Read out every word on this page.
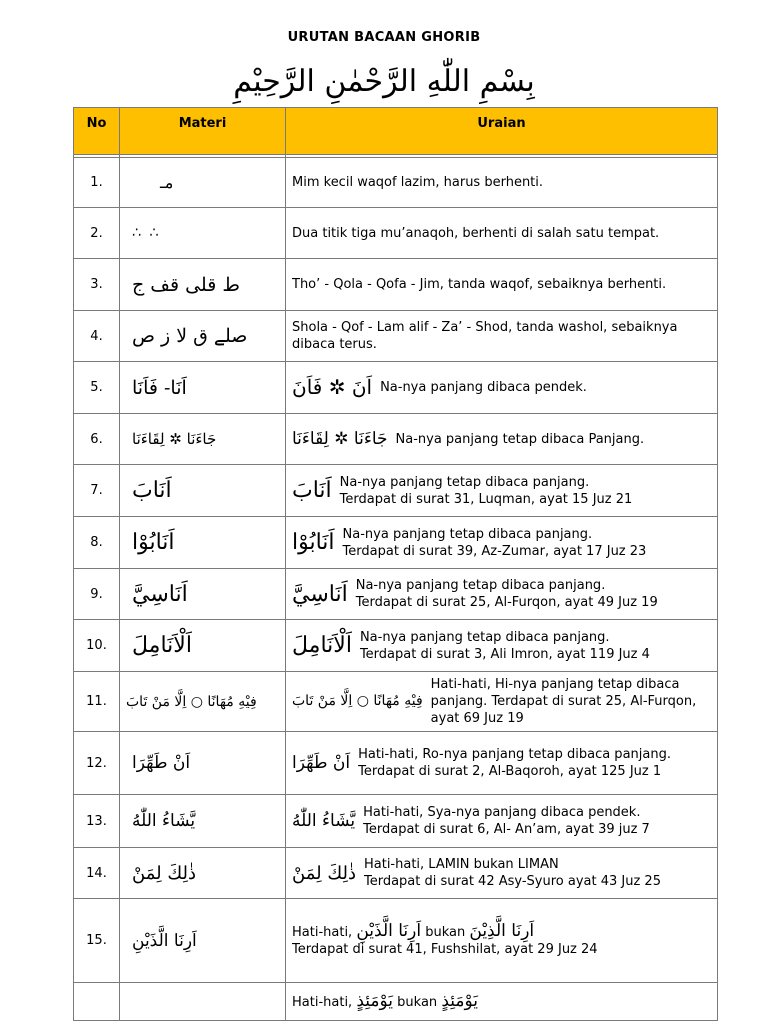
URUTAN BACAAN GHORIB
بِسْمِ اللّٰهِ الرَّحْمٰنِ الرَّحِيْمِ
No	Materi	Uraian

1.	مـ	Mim kecil waqof lazim, harus berhenti.
2.	∴ ∴	Dua titik tiga mu’anaqoh, berhenti di salah satu tempat.
3.	ط قلى قف ج	Tho’ - Qola - Qofa - Jim, tanda waqof, sebaiknya berhenti.
4.	صلے ق لا ز ص	Shola - Qof - Lam alif - Za’ - Shod, tanda washol, sebaiknya dibaca terus.
5.	اَنَا- فَاَنَا	اَنَ ✲ فَاَنَ Na-nya panjang dibaca pendek.

6.	جَاءَنَا ✲ لِقَاءَنَا	جَاءَنَا ✲ لِقَاءَنَا Na-nya panjang tetap dibaca Panjang.

7.	اَنَابَ	اَنَابَ Na-nya panjang tetap dibaca panjang.
Terdapat di surat 31, Luqman, ayat 15 Juz 21

8.	اَنَابُوْا	اَنَابُوْا Na-nya panjang tetap dibaca panjang.
Terdapat di surat 39, Az-Zumar, ayat 17 Juz 23

9.	اَنَاسِيَّ	اَنَاسِيَّ Na-nya panjang tetap dibaca panjang.
Terdapat di surat 25, Al-Furqon, ayat 49 Juz 19

10.	اَلْاَنَامِلَ	اَلْاَنَامِلَ Na-nya panjang tetap dibaca panjang.
Terdapat di surat 3, Ali Imron, ayat 119 Juz 4

11.	فِيْهِ مُهَانًا ○ اِلَّا مَنْ تَابَ	فِيْهِ مُهَانًا ○ اِلَّا مَنْ تَابَ
Hati-hati, Hi-nya panjang tetap dibaca panjang. Terdapat di surat 25, Al-Furqon, ayat 69 Juz 19

12.	اَنْ طَهِّرَا	اَنْ طَهِّرَا Hati-hati, Ro-nya panjang tetap dibaca panjang. Terdapat di surat 2, Al-Baqoroh, ayat 125 Juz 1

13.	يَّشَاءُ اللّٰهُ	يَّشَاءُ اللّٰهُ Hati-hati, Sya-nya panjang dibaca pendek.
Terdapat di surat 6, Al- An’am, ayat 39 juz 7

14.	ذٰلِكَ لِمَنْ	ذٰلِكَ لِمَنْ Hati-hati, LAMIN bukan LIMAN
Terdapat di surat 42 Asy-Syuro ayat 43 Juz 25

15.	اَرِنَا الَّذَيْنِ	Hati-hati, اَرِنَا الَّذَيْنِ bukan اَرِنَا الَّذِيْنَ
Terdapat di surat 41, Fushshilat, ayat 29 Juz 24

		Hati-hati, يَوْمَئِذٍ bukan يَوْمَئِذٍ
